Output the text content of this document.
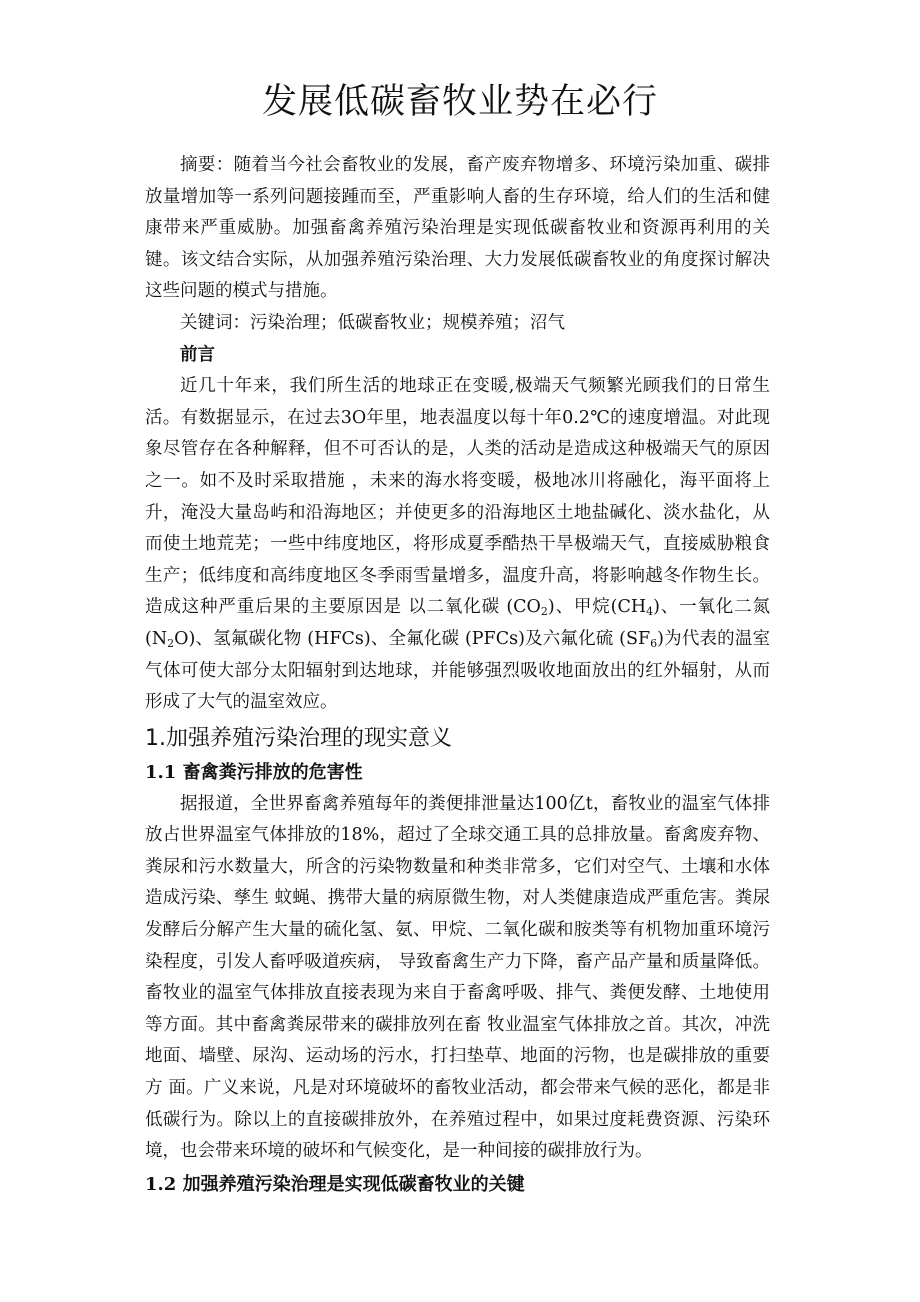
发展低碳畜牧业势在必行

摘要：随着当今社会畜牧业的发展，畜产废弃物增多、环境污染加重、碳排放量增加等一系列问题接踵而至，严重影响人畜的生存环境，给人们的生活和健康带来严重威胁。加强畜禽养殖污染治理是实现低碳畜牧业和资源再利用的关键。该文结合实际，从加强养殖污染治理、大力发展低碳畜牧业的角度探讨解决这些问题的模式与措施。

关键词：污染治理；低碳畜牧业；规模养殖；沼气

前言

近几十年来，我们所生活的地球正在变暖,极端天气频繁光顾我们的日常生活。有数据显示，在过去3O年里，地表温度以每十年0.2℃的速度增温。对此现象尽管存在各种解释，但不可否认的是，人类的活动是造成这种极端天气的原因之一。如不及时采取措施 ，未来的海水将变暖，极地冰川将融化，海平面将上升，淹没大量岛屿和沿海地区；并使更多的沿海地区土地盐碱化、淡水盐化，从而使土地荒芜；一些中纬度地区，将形成夏季酷热干旱极端天气，直接威胁粮食生产；低纬度和高纬度地区冬季雨雪量增多，温度升高，将影响越冬作物生长。造成这种严重后果的主要原因是 以二氧化碳 $(CO_2)$、甲烷$(CH_4)$、一氧化二氮 $(N_2O)$、氢氟碳化物 (HFCs)、全氟化碳 (PFCs)及六氟化硫 $(SF_6)$为代表的温室气体可使大部分太阳辐射到达地球，并能够强烈吸收地面放出的红外辐射，从而形成了大气的温室效应。

1.加强养殖污染治理的现实意义
1.1 畜禽粪污排放的危害性

据报道，全世界畜禽养殖每年的粪便排泄量达100亿t，畜牧业的温室气体排放占世界温室气体排放的18%，超过了全球交通工具的总排放量。畜禽废弃物、粪尿和污水数量大，所含的污染物数量和种类非常多，它们对空气、土壤和水体造成污染、孳生 蚊蝇、携带大量的病原微生物，对人类健康造成严重危害。粪尿发酵后分解产生大量的硫化氢、氨、甲烷、二氧化碳和胺类等有机物加重环境污染程度，引发人畜呼吸道疾病， 导致畜禽生产力下降，畜产品产量和质量降低。畜牧业的温室气体排放直接表现为来自于畜禽呼吸、排气、粪便发酵、土地使用等方面。其中畜禽粪尿带来的碳排放列在畜 牧业温室气体排放之首。其次，冲洗地面、墙壁、尿沟、运动场的污水，打扫垫草、地面的污物，也是碳排放的重要方 面。广义来说，凡是对环境破坏的畜牧业活动，都会带来气候的恶化，都是非低碳行为。除以上的直接碳排放外，在养殖过程中，如果过度耗费资源、污染环境，也会带来环境的破坏和气候变化，是一种间接的碳排放行为。

1.2 加强养殖污染治理是实现低碳畜牧业的关键
